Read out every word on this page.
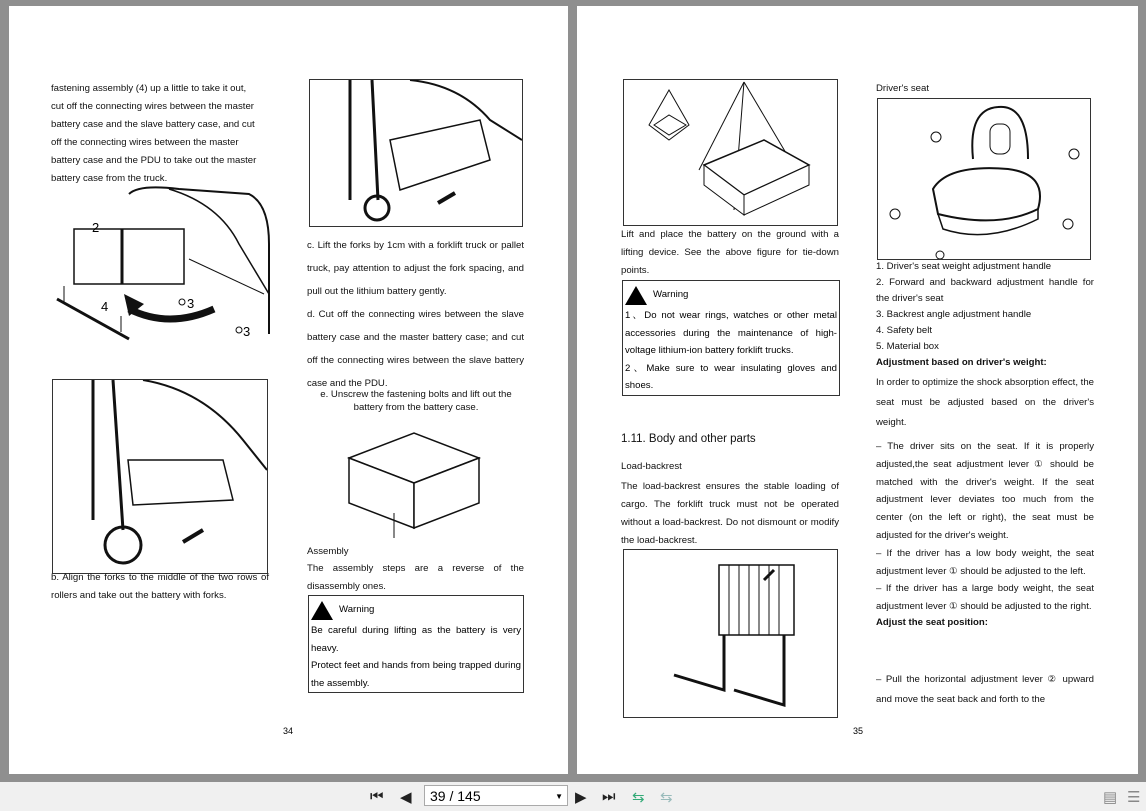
fastening assembly (4) up a little to take it out,

cut off the connecting wires between the master

battery case and the slave battery case, and cut

off the connecting wires between the master

battery case and the PDU to take out the master

battery case from the truck.

2
4	3
3
b. Align the forks to the middle of the two rows of rollers and take out the battery with forks.

c. Lift the forks by 1cm with a forklift truck or pallet truck, pay attention to adjust the fork spacing, and pull out the lithium battery gently.

d. Cut off the connecting wires between the slave battery case and the master battery case; and cut off the connecting wires between the slave battery case and the PDU.

e. Unscrew the fastening bolts and lift out the battery from the battery case.
Assembly
The assembly steps are a reverse of the disassembly ones.
Warning
Be careful during lifting as the battery is very heavy.
Protect feet and hands from being trapped during the assembly.
34
Lift and place the battery on the ground with a lifting device. See the above figure for tie-down points.
Warning
1、Do not wear rings, watches or other metal accessories during the maintenance of high-voltage lithium-ion battery forklift trucks.
2、Make sure to wear insulating gloves and shoes.
1.11. Body and other parts
Load-backrest
The load-backrest ensures the stable loading of cargo. The forklift truck must not be operated without a load-backrest. Do not dismount or modify the load-backrest.
Driver's seat

1. Driver's seat weight adjustment handle

2. Forward and backward adjustment handle for the driver's seat

3. Backrest angle adjustment handle

4. Safety belt

5. Material box

Adjustment based on driver's weight:

In order to optimize the shock absorption effect, the seat must be adjusted based on the driver's weight.

– The driver sits on the seat. If it is properly adjusted,the seat adjustment lever ① should be matched with the driver's weight. If the seat adjustment lever deviates too much from the center (on the left or right), the seat must be adjusted for the driver's weight.

– If the driver has a low body weight, the seat adjustment lever ① should be adjusted to the left.

– If the driver has a large body weight, the seat adjustment lever ① should be adjusted to the right.

Adjust the seat position:

– Pull the horizontal adjustment lever ② upward and move the seat back and forth to the
35
⏮ ◀	39 / 145	▼ ▶ ⏭ ⇆ ⇆	▤ ☰
